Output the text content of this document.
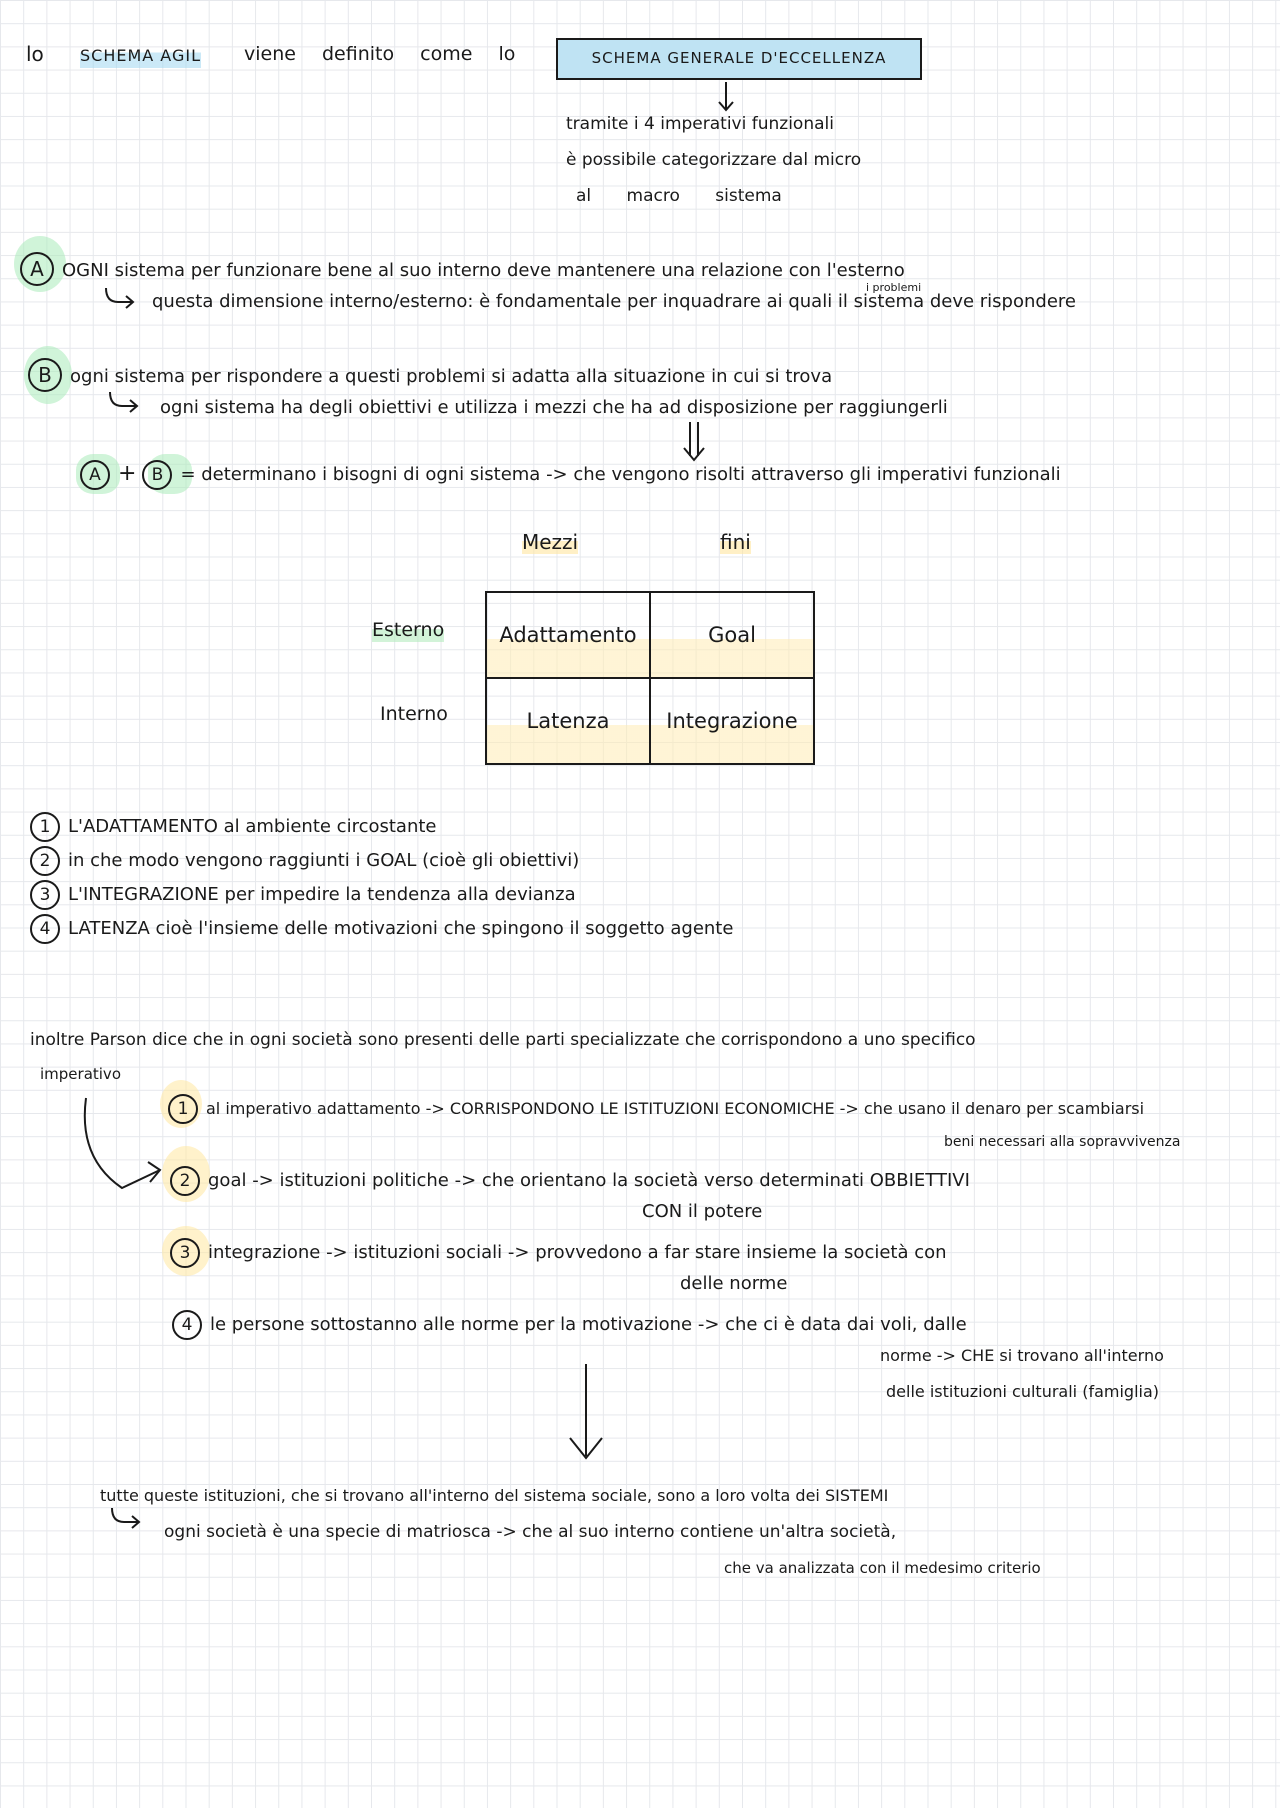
lo SCHEMA AGIL viene definito come lo	SCHEMA GENERALE D'ECCELLENZA
tramite i 4 imperativi funzionali
è possibile categorizzare dal micro
al macro sistema
A OGNI sistema per funzionare bene al suo interno deve mantenere una relazione con l'esterno
i problemi
questa dimensione interno/esterno: è fondamentale per inquadrare ai quali il sistema deve rispondere
B ogni sistema per rispondere a questi problemi si adatta alla situazione in cui si trova
ogni sistema ha degli obiettivi e utilizza i mezzi che ha ad disposizione per raggiungerli
A + B = determinano i bisogni di ogni sistema -> che vengono risolti attraverso gli imperativi funzionali
Mezzi	fini
Esterno
Interno
Adattamento	Goal
Latenza	Integrazione
1 L'ADATTAMENTO al ambiente circostante
2 in che modo vengono raggiunti i GOAL (cioè gli obiettivi)
3 L'INTEGRAZIONE per impedire la tendenza alla devianza
4 LATENZA cioè l'insieme delle motivazioni che spingono il soggetto agente
inoltre Parson dice che in ogni società sono presenti delle parti specializzate che corrispondono a uno specifico
imperativo
1 al imperativo adattamento -> CORRISPONDONO LE ISTITUZIONI ECONOMICHE -> che usano il denaro per scambiarsi
beni necessari alla sopravvivenza
2 goal -> istituzioni politiche -> che orientano la società verso determinati OBBIETTIVI
CON il potere
3 integrazione -> istituzioni sociali -> provvedono a far stare insieme la società con
delle norme
4 le persone sottostanno alle norme per la motivazione -> che ci è data dai voli, dalle
norme -> CHE si trovano all'interno
delle istituzioni culturali (famiglia)
tutte queste istituzioni, che si trovano all'interno del sistema sociale, sono a loro volta dei SISTEMI
ogni società è una specie di matriosca -> che al suo interno contiene un'altra società,
che va analizzata con il medesimo criterio
